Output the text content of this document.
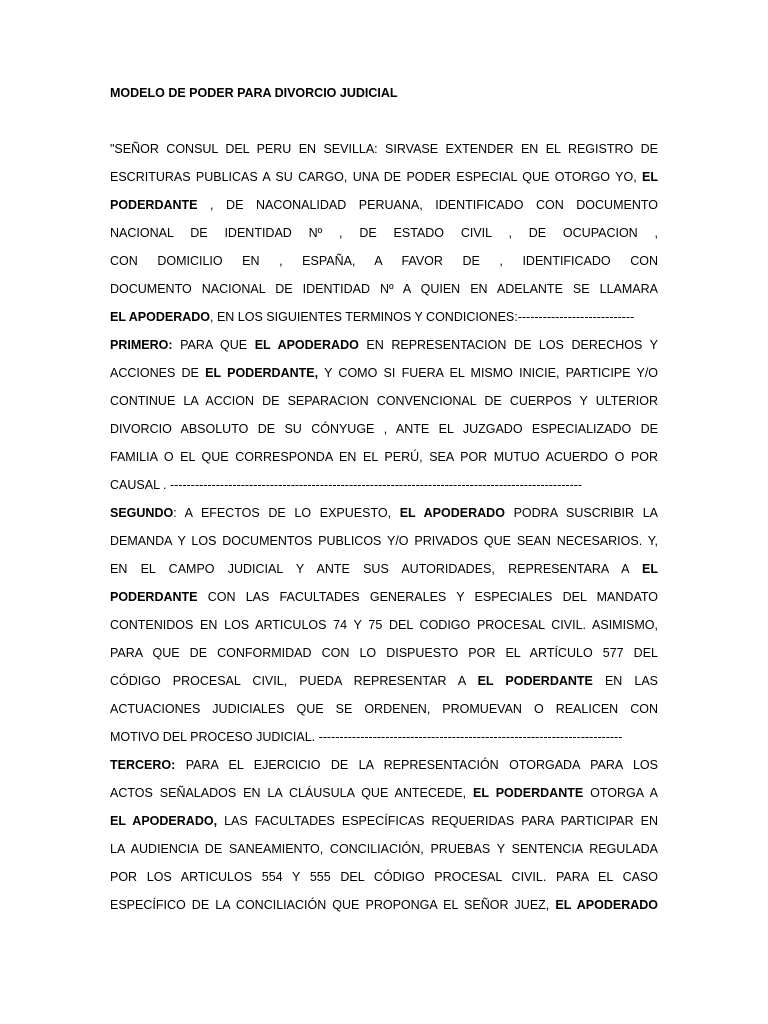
MODELO DE PODER PARA DIVORCIO JUDICIAL
"SEÑOR CONSUL DEL PERU EN SEVILLA: SIRVASE EXTENDER EN EL REGISTRO DE
ESCRITURAS PUBLICAS A SU CARGO, UNA DE PODER ESPECIAL QUE OTORGO YO, EL
PODERDANTE , DE NACONALIDAD PERUANA, IDENTIFICADO CON DOCUMENTO
NACIONAL DE IDENTIDAD Nº , DE ESTADO CIVIL , DE OCUPACION ,
CON DOMICILIO EN , ESPAÑA, A FAVOR DE , IDENTIFICADO CON
DOCUMENTO NACIONAL DE IDENTIDAD Nº A QUIEN EN ADELANTE SE LLAMARA
EL APODERADO, EN LOS SIGUIENTES TERMINOS Y CONDICIONES:----------------------------
PRIMERO: PARA QUE EL APODERADO EN REPRESENTACION DE LOS DERECHOS Y
ACCIONES DE EL PODERDANTE, Y COMO SI FUERA EL MISMO INICIE, PARTICIPE Y/O
CONTINUE LA ACCION DE SEPARACION CONVENCIONAL DE CUERPOS Y ULTERIOR
DIVORCIO ABSOLUTO DE SU CÓNYUGE , ANTE EL JUZGADO ESPECIALIZADO DE
FAMILIA O EL QUE CORRESPONDA EN EL PERÚ, SEA POR MUTUO ACUERDO O POR
CAUSAL . ---------------------------------------------------------------------------------------------------
SEGUNDO: A EFECTOS DE LO EXPUESTO, EL APODERADO PODRA SUSCRIBIR LA
DEMANDA Y LOS DOCUMENTOS PUBLICOS Y/O PRIVADOS QUE SEAN NECESARIOS. Y,
EN EL CAMPO JUDICIAL Y ANTE SUS AUTORIDADES, REPRESENTARA A EL
PODERDANTE CON LAS FACULTADES GENERALES Y ESPECIALES DEL MANDATO
CONTENIDOS EN LOS ARTICULOS 74 Y 75 DEL CODIGO PROCESAL CIVIL. ASIMISMO,
PARA QUE DE CONFORMIDAD CON LO DISPUESTO POR EL ARTÍCULO 577 DEL
CÓDIGO PROCESAL CIVIL, PUEDA REPRESENTAR A EL PODERDANTE EN LAS
ACTUACIONES JUDICIALES QUE SE ORDENEN, PROMUEVAN O REALICEN CON
MOTIVO DEL PROCESO JUDICIAL. -------------------------------------------------------------------------
TERCERO: PARA EL EJERCICIO DE LA REPRESENTACIÓN OTORGADA PARA LOS
ACTOS SEÑALADOS EN LA CLÁUSULA QUE ANTECEDE, EL PODERDANTE OTORGA A
EL APODERADO, LAS FACULTADES ESPECÍFICAS REQUERIDAS PARA PARTICIPAR EN
LA AUDIENCIA DE SANEAMIENTO, CONCILIACIÓN, PRUEBAS Y SENTENCIA REGULADA
POR LOS ARTICULOS 554 Y 555 DEL CÓDIGO PROCESAL CIVIL. PARA EL CASO
ESPECÍFICO DE LA CONCILIACIÓN QUE PROPONGA EL SEÑOR JUEZ, EL APODERADO
